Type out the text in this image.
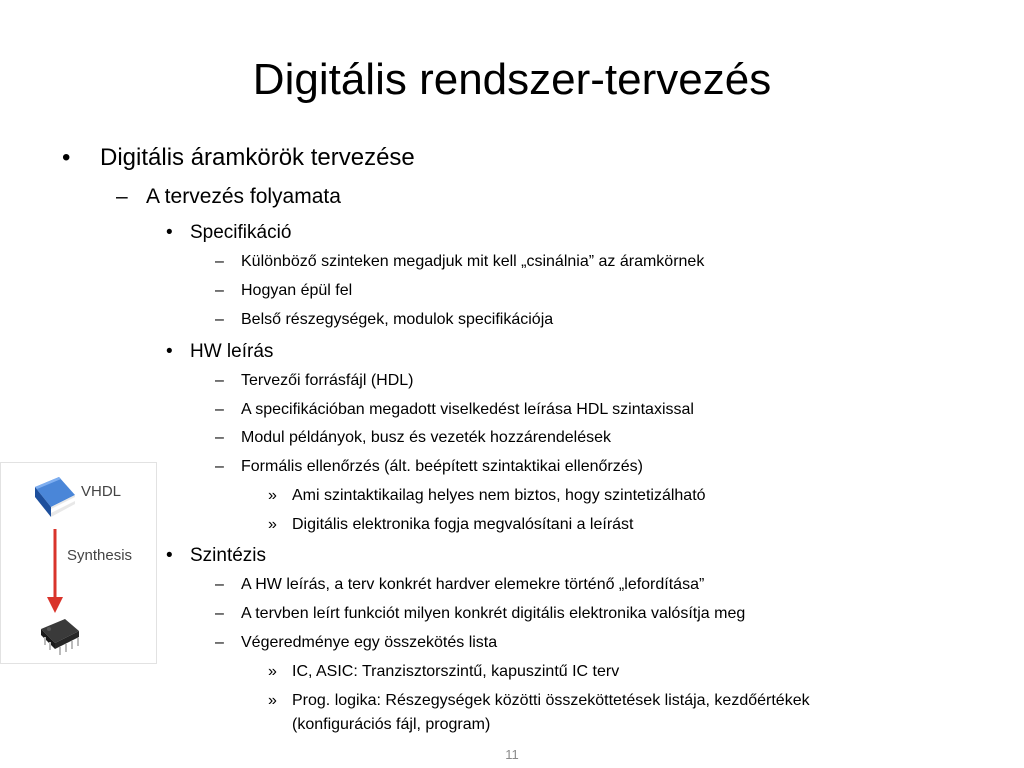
Digitális rendszer-tervezés
• Digitális áramkörök tervezése
– A tervezés folyamata
• Specifikáció
– Különböző szinteken megadjuk mit kell „csinálnia” az áramkörnek
– Hogyan épül fel
– Belső részegységek, modulok specifikációja
• HW leírás
– Tervezői forrásfájl (HDL)
– A specifikációban megadott viselkedést leírása HDL szintaxissal
– Modul példányok, busz és vezeték hozzárendelések
– Formális ellenőrzés (ált. beépített szintaktikai ellenőrzés)
» Ami szintaktikailag helyes nem biztos, hogy szintetizálható
» Digitális elektronika fogja megvalósítani a leírást
• Szintézis
– A HW leírás, a terv konkrét hardver elemekre történő „lefordítása”
– A tervben leírt funkciót milyen konkrét digitális elektronika valósítja meg
– Végeredménye egy összekötés lista
» IC, ASIC: Tranzisztorszintű, kapuszintű IC terv
» Prog. logika: Részegységek közötti összeköttetések listája, kezdőértékek
(konfigurációs fájl, program)
VHDL
Synthesis
11
